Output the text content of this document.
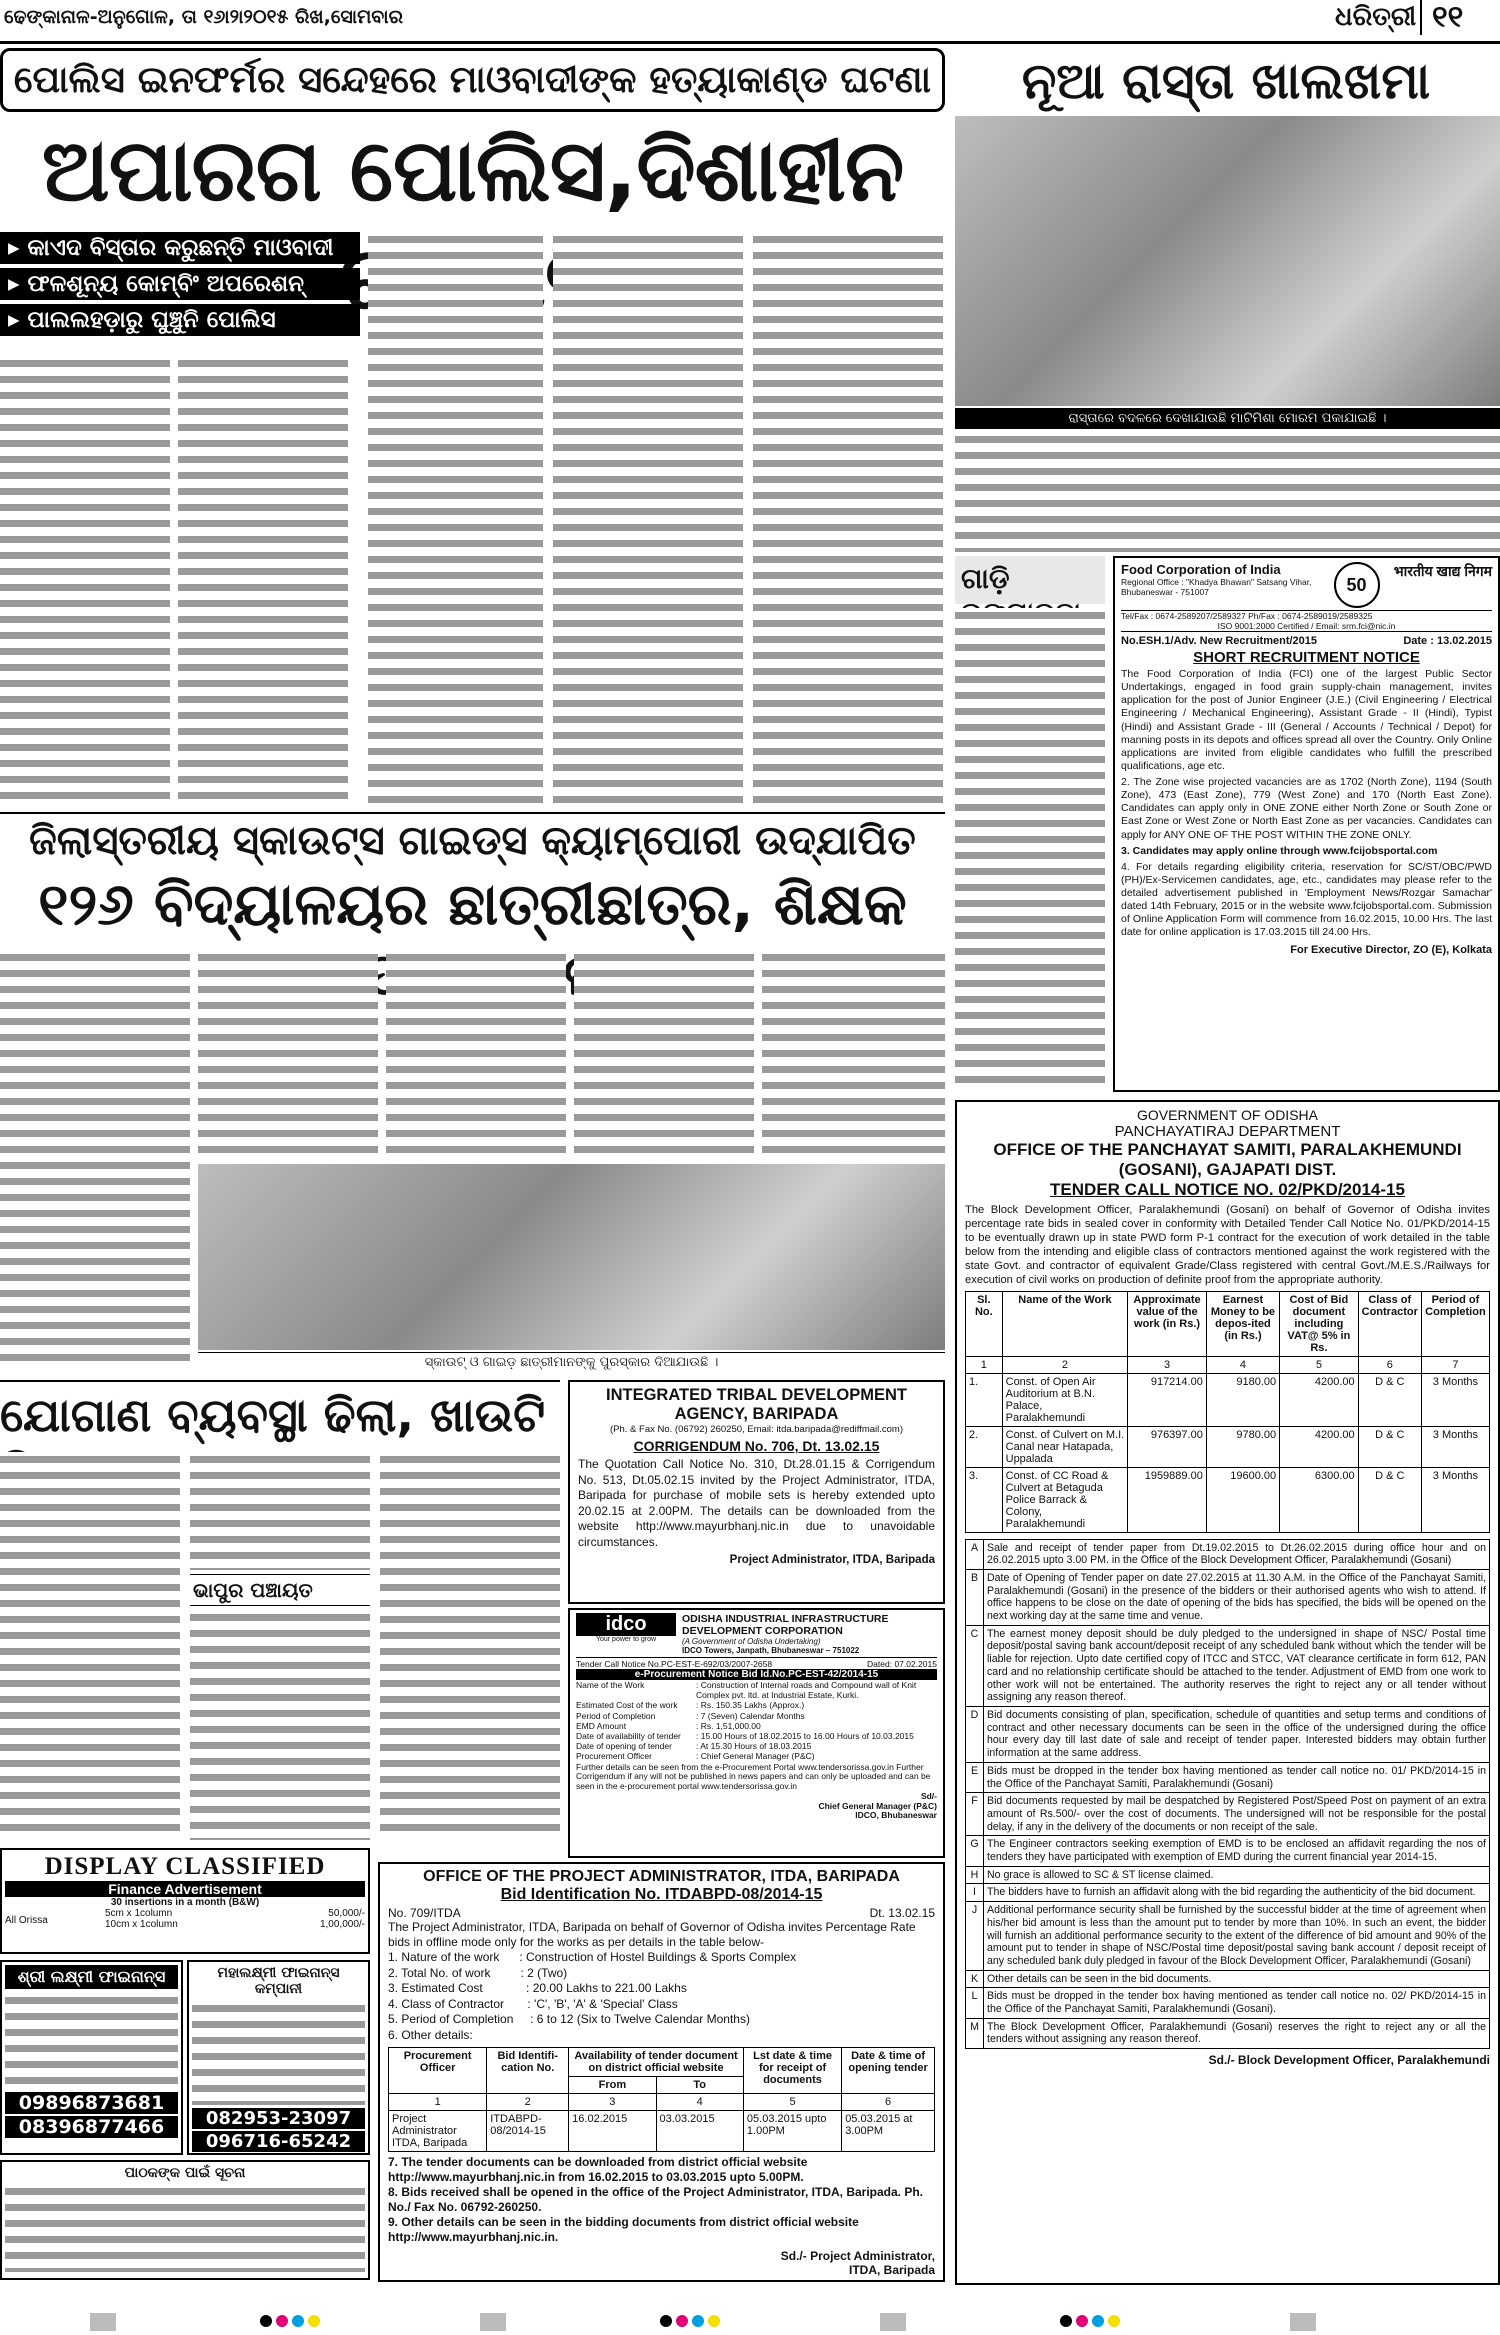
ଢେଙ୍କାନାଳ-ଅନୁଗୋଳ, ତା ୧୬ା୨ା୨୦୧୫ ରିଖ,ସୋମବାର	ଧରିତ୍ରୀ ୧୧
ପୋଲିସ ଇନଫର୍ମର ସନ୍ଦେହରେ ମାଓବାଦୀଙ୍କ ହତ୍ୟାକାଣ୍ଡ ଘଟଣା
ଅପାରଗ ପୋଲିସ,ଦିଶାହୀନ
▸ କାଏଦ ବିସ୍ତାର କରୁଛନ୍ତି ମାଓବାଦୀ
▸ ଫଳଶୂନ୍ୟ କୋମ୍ବିଂ ଅପରେଶନ୍
▸ ପାଲଲହଡ଼ାରୁ ଘୁଞ୍ଚୁନି ପୋଲିସ
ନୂଆ ରାସ୍ତା ଖାଲଖମା
ରାସ୍ତାରେ ବଦଳରେ ଦେଖାଯାଉଛି ମାଟିମିଶା ମୋରମ ପକାଯାଇଛି ।
ଗାଡ଼ି	Food Corporation of India
Regional Office : "Khadya Bhawan" Satsang Vihar, Bhubaneswar - 751007	50
भारतीय खाद्य निगम
Tel/Fax : 0674-2589207/2589327 Ph/Fax : 0674-2589019/2589325
ISO 9001:2000 Certified / Email: srm.fci@nic.in
No.ESH.1/Adv. New Recruitment/2015	Date : 13.02.2015
SHORT RECRUITMENT NOTICE
The Food Corporation of India (FCI) one of the largest Public Sector Undertakings, engaged in food grain supply-chain management, invites application for the post of Junior Engineer (J.E.) (Civil Engineering / Electrical Engineering / Mechanical Engineering), Assistant Grade - II (Hindi), Typist (Hindi) and Assistant Grade - III (General / Accounts / Technical / Depot) for manning posts in its depots and offices spread all over the Country. Only Online applications are invited from eligible candidates who fulfill the prescribed qualifications, age etc.
2. The Zone wise projected vacancies are as 1702 (North Zone), 1194 (South Zone), 473 (East Zone), 779 (West Zone) and 170 (North East Zone). Candidates can apply only in ONE ZONE either North Zone or South Zone or East Zone or West Zone or North East Zone as per vacancies. Candidates can apply for ANY ONE OF THE POST WITHIN THE ZONE ONLY.
3. Candidates may apply online through www.fcijobsportal.com
4. For details regarding eligibility criteria, reservation for SC/ST/OBC/PWD (PH)/Ex-Servicemen candidates, age, etc., candidates may please refer to the detailed advertisement published in 'Employment News/Rozgar Samachar' dated 14th February, 2015 or in the website www.fcijobsportal.com. Submission of Online Application Form will commence from 16.02.2015, 10.00 Hrs. The last date for online application is 17.03.2015 till 24.00 Hrs.
For Executive Director, ZO (E), Kolkata
ଜିଲାସ୍ତରୀୟ ସ୍କାଉଟ୍ସ ଗାଇଡ୍ସ କ୍ୟାମ୍ପୋରୀ ଉଦ୍ଯାପିତ
୧୨୬ ବିଦ୍ୟାଳୟର ଛାତ୍ରୀଛାତ୍ର, ଶିକ୍ଷକ
ସ୍କାଉଟ୍ ଓ ଗାଇଡ଼ ଛାତ୍ରୀମାନଙ୍କୁ ପୁରସ୍କାର ଦିଆଯାଉଛି ।
ଯୋଗାଣ ବ୍ୟବସ୍ଥା ଢିଲା, ଖାଉଟି
ଭାପୁର ପଞ୍ଚାୟତ
INTEGRATED TRIBAL DEVELOPMENT AGENCY, BARIPADA
(Ph. & Fax No. (06792) 260250, Email: itda.baripada@rediffmail.com)
CORRIGENDUM No. 706, Dt. 13.02.15
The Quotation Call Notice No. 310, Dt.28.01.15 & Corrigendum No. 513, Dt.05.02.15 invited by the Project Administrator, ITDA, Baripada for purchase of mobile sets is hereby extended upto 20.02.15 at 2.00PM. The details can be downloaded from the website http://www.mayurbhanj.nic.in due to unavoidable circumstances.
Project Administrator, ITDA, Baripada
idco
Your power to grow
ODISHA INDUSTRIAL INFRASTRUCTURE
DEVELOPMENT CORPORATION
(A Government of Odisha Undertaking)
IDCO Towers, Janpath, Bhubaneswar – 751022
Tender Call Notice No.PC-EST-E-692/03/2007-2658	Dated: 07.02.2015
e-Procurement Notice Bid Id.No.PC-EST-42/2014-15
Name of the Work	: Construction of Internal roads and Compound wall of Knit Complex pvt. ltd. at Industrial Estate, Kurki.
Estimated Cost of the work	: Rs. 150.35 Lakhs (Approx.)
Period of Completion	: 7 (Seven) Calendar Months
EMD Amount	: Rs. 1,51,000.00
Date of availability of tender	: 15.00 Hours of 18.02.2015 to 16.00 Hours of 10.03.2015
Date of opening of tender	: At 15.30 Hours of 18.03.2015
Procurement Officer	: Chief General Manager (P&C)
Further details can be seen from the e-Procurement Portal www.tendersorissa.gov.in Further Corrigendum if any will not be published in news papers and can only be uploaded and can be seen in the e-procurement portal www.tendersorissa.gov.in
Sd/-
Chief General Manager (P&C)
IDCO, Bhubaneswar
GOVERNMENT OF ODISHA
PANCHAYATIRAJ DEPARTMENT
OFFICE OF THE PANCHAYAT SAMITI, PARALAKHEMUNDI
(GOSANI), GAJAPATI DIST.
TENDER CALL NOTICE NO. 02/PKD/2014-15
The Block Development Officer, Paralakhemundi (Gosani) on behalf of Governor of Odisha invites percentage rate bids in sealed cover in conformity with Detailed Tender Call Notice No. 01/PKD/2014-15 to be eventually drawn up in state PWD form P-1 contract for the execution of work detailed in the table below from the intending and eligible class of contractors mentioned against the work registered with the state Govt. and contractor of equivalent Grade/Class registered with central Govt./M.E.S./Railways for execution of civil works on production of definite proof from the appropriate authority.
Sl. No.	Name of the Work	Approximate value of the work (in Rs.)	Earnest Money to be depos-ited (in Rs.)	Cost of Bid document including VAT@ 5% in Rs.	Class of Contractor	Period of Completion
1	2	3	4	5	6	7
1.	Const. of Open Air Auditorium at B.N. Palace, Paralakhemundi	917214.00	9180.00	4200.00	D & C	3 Months
2.	Const. of Culvert on M.I. Canal near Hatapada, Uppalada	976397.00	9780.00	4200.00	D & C	3 Months
3.	Const. of CC Road & Culvert at Betaguda Police Barrack & Colony, Paralakhemundi	1959889.00	19600.00	6300.00	D & C	3 Months
A	Sale and receipt of tender paper from Dt.19.02.2015 to Dt.26.02.2015 during office hour and on 26.02.2015 upto 3.00 PM. in the Office of the Block Development Officer, Paralakhemundi (Gosani)
B	Date of Opening of Tender paper on date 27.02.2015 at 11.30 A.M. in the Office of the Panchayat Samiti, Paralakhemundi (Gosani) in the presence of the bidders or their authorised agents who wish to attend. If office happens to be close on the date of opening of the bids has specified, the bids will be opened on the next working day at the same time and venue.
C	The earnest money deposit should be duly pledged to the undersigned in shape of NSC/ Postal time deposit/postal saving bank account/deposit receipt of any scheduled bank without which the tender will be liable for rejection. Upto date certified copy of ITCC and STCC, VAT clearance certificate in form 612, PAN card and no relationship certificate should be attached to the tender. Adjustment of EMD from one work to other work will not be entertained. The authority reserves the right to reject any or all tender without assigning any reason thereof.
D	Bid documents consisting of plan, specification, schedule of quantities and setup terms and conditions of contract and other necessary documents can be seen in the office of the undersigned during the office hour every day till last date of sale and receipt of tender paper. Interested bidders may obtain further information at the same address.
E	Bids must be dropped in the tender box having mentioned as tender call notice no. 01/ PKD/2014-15 in the Office of the Panchayat Samiti, Paralakhemundi (Gosani)
F	Bid documents requested by mail be despatched by Registered Post/Speed Post on payment of an extra amount of Rs.500/- over the cost of documents. The undersigned will not be responsible for the postal delay, if any in the delivery of the documents or non receipt of the sale.
G	The Engineer contractors seeking exemption of EMD is to be enclosed an affidavit regarding the nos of tenders they have participated with exemption of EMD during the current financial year 2014-15.
H	No grace is allowed to SC & ST license claimed.
I	The bidders have to furnish an affidavit along with the bid regarding the authenticity of the bid document.
J	Additional performance security shall be furnished by the successful bidder at the time of agreement when his/her bid amount is less than the amount put to tender by more than 10%. In such an event, the bidder will furnish an additional performance security to the extent of the difference of bid amount and 90% of the amount put to tender in shape of NSC/Postal time deposit/postal saving bank account / deposit receipt of any scheduled bank duly pledged in favour of the Block Development Officer, Paralakhemundi (Gosani)
K	Other details can be seen in the bid documents.
L	Bids must be dropped in the tender box having mentioned as tender call notice no. 02/ PKD/2014-15 in the Office of the Panchayat Samiti, Paralakhemundi (Gosani).
M	The Block Development Officer, Paralakhemundi (Gosani) reserves the right to reject any or all the tenders without assigning any reason thereof.
Sd./- Block Development Officer, Paralakhemundi
DISPLAY CLASSIFIED
Finance Advertisement
30 insertions in a month (B&W)
All Orissa
5cm x 1column	50,000/-
10cm x 1column	1,00,000/-
ଶ୍ରୀ ଲକ୍ଷ୍ମୀ ଫାଇନାନ୍ସ
09896873681
08396877466
ମହାଲକ୍ଷ୍ମୀ ଫାଇନାନ୍ସ କମ୍ପାନୀ
082953-23097
096716-65242
ପାଠକଙ୍କ ପାଇଁ ସୂଚନା
OFFICE OF THE PROJECT ADMINISTRATOR, ITDA, BARIPADA
Bid Identification No. ITDABPD-08/2014-15
No. 709/ITDA	Dt. 13.02.15
The Project Administrator, ITDA, Baripada on behalf of Governor of Odisha invites Percentage Rate bids in offline mode only for the works as per details in the table below-
1. Nature of the work      : Construction of Hostel Buildings & Sports Complex
2. Total No. of work         : 2 (Two)
3. Estimated Cost             : 20.00 Lakhs to 221.00 Lakhs
4. Class of Contractor       : 'C', 'B', 'A' & 'Special' Class
5. Period of Completion     : 6 to 12 (Six to Twelve Calendar Months)
6. Other details:
Procurement Officer	Bid Identifi-cation No.	Availability of tender document on district official website		Lst date & time for receipt of documents	Date & time of opening tender
		From	To		
1	2	3	4	5	6
Project Administrator ITDA, Baripada	ITDABPD-08/2014-15	16.02.2015	03.03.2015	05.03.2015 upto 1.00PM	05.03.2015 at 3.00PM
7. The tender documents can be downloaded from district official website http://www.mayurbhanj.nic.in from 16.02.2015 to 03.03.2015 upto 5.00PM.
8. Bids received shall be opened in the office of the Project Administrator, ITDA, Baripada. Ph. No./ Fax No. 06792-260250.
9. Other details can be seen in the bidding documents from district official website http://www.mayurbhanj.nic.in.
Sd./- Project Administrator,
ITDA, Baripada
